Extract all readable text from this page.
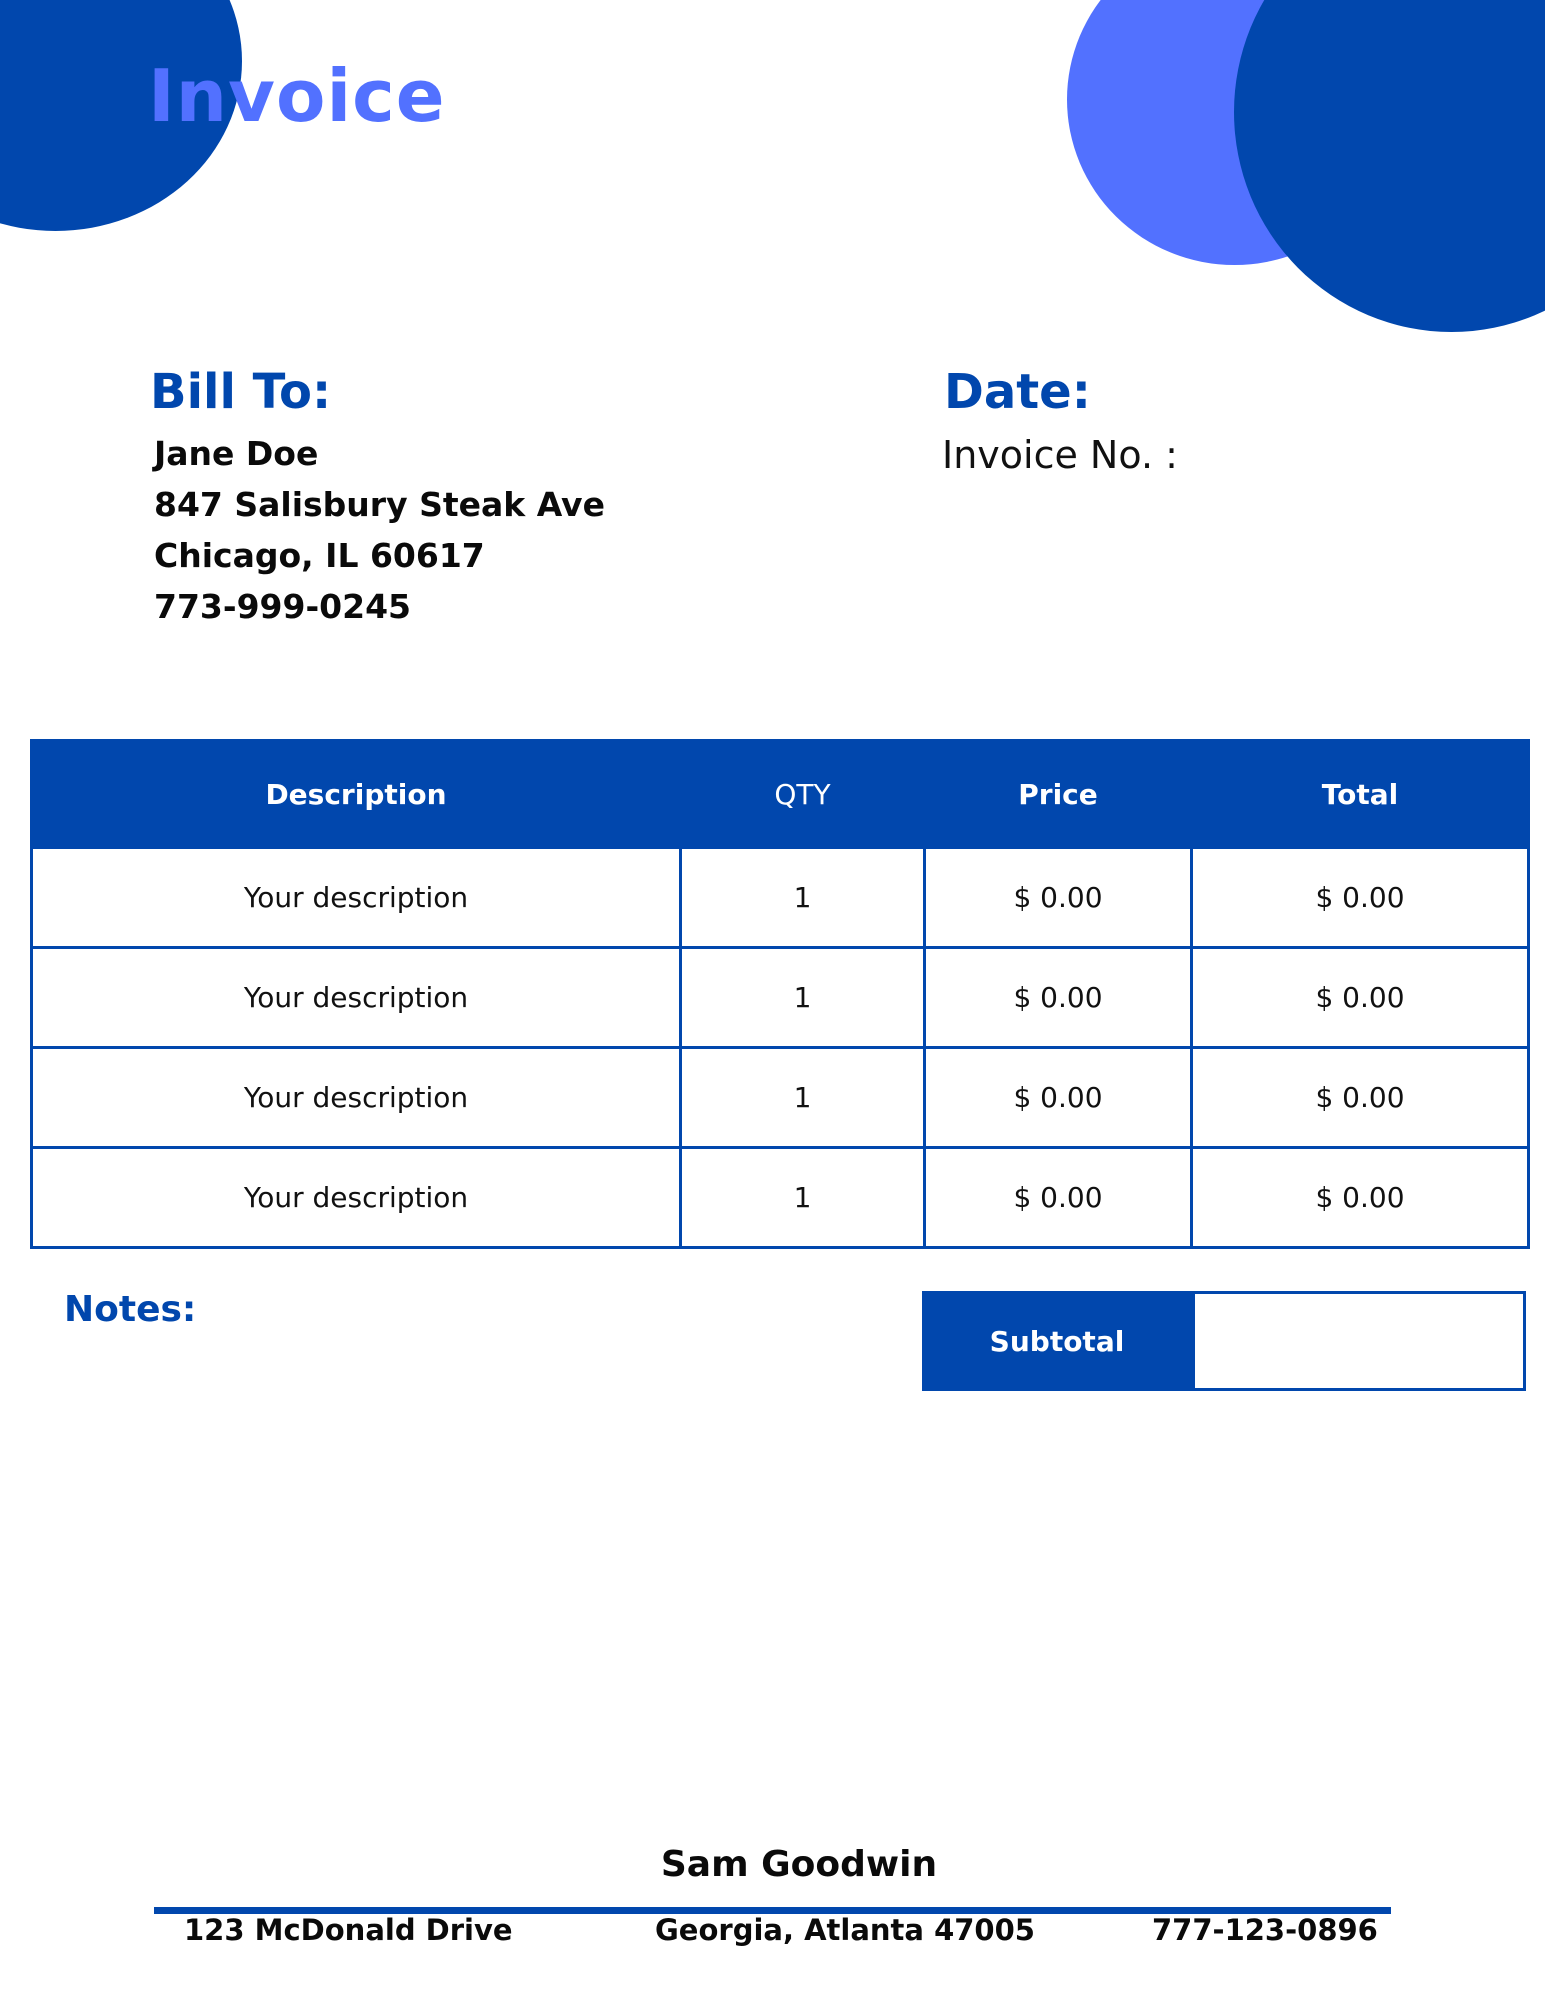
Invoice
Bill To:
Jane Doe
847 Salisbury Steak Ave
Chicago, IL 60617
773-999-0245
Date:
Invoice No. :
Description	QTY	Price	Total
Your description	1	$ 0.00	$ 0.00
Your description	1	$ 0.00	$ 0.00
Your description	1	$ 0.00	$ 0.00
Your description	1	$ 0.00	$ 0.00
Notes:
Subtotal
Sam Goodwin
123 McDonald Drive	Georgia, Atlanta 47005	777-123-0896
